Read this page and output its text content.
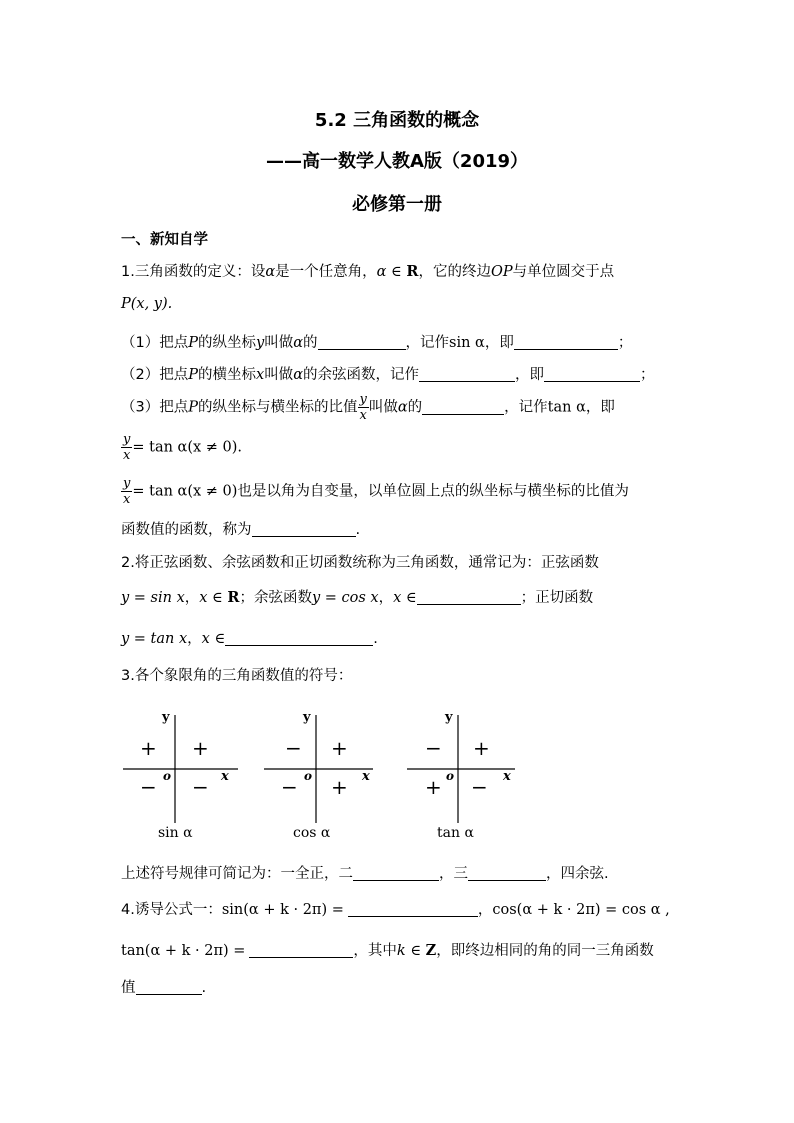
5.2 三角函数的概念
——高一数学人教A版（2019）
必修第一册
一、新知自学
1.三角函数的定义：设α是一个任意角，α ∈ R，它的终边OP与单位圆交于点
P(x, y).
（1）把点P的纵坐标y叫做α的	，记作sin α，即	；
（2）把点P的横坐标x叫做α的余弦函数，记作	，即	；
（3）把点P的纵坐标与横坐标的比值 $\frac{y}{x}$ 叫做α的	，记作tan α，即
$\frac{y}{x} = \tan \alpha(x \ne 0)$.
$\frac{y}{x} = \tan \alpha(x \ne 0)$也是以角为自变量，以单位圆上点的纵坐标与横坐标的比值为
函数值的函数，称为	.
2.将正弦函数、余弦函数和正切函数统称为三角函数，通常记为：正弦函数
y = sin x，x ∈ R；余弦函数y = cos x，x ∈	；正切函数
y = tan x，x ∈	.
3.各个象限角的三角函数值的符号：
y
x
o
+
+
− −
sin α
y
x
o
+
−
− +
cos α
y
x
o
+
−
+ −
tan α
上述符号规律可简记为：一全正，二	，三	，四余弦.
4.诱导公式一：sin(α + k · 2π) =	，cos(α + k · 2π) = cos α ,
tan(α + k · 2π) =	，其中k ∈ Z，即终边相同的角的同一三角函数
值	.
